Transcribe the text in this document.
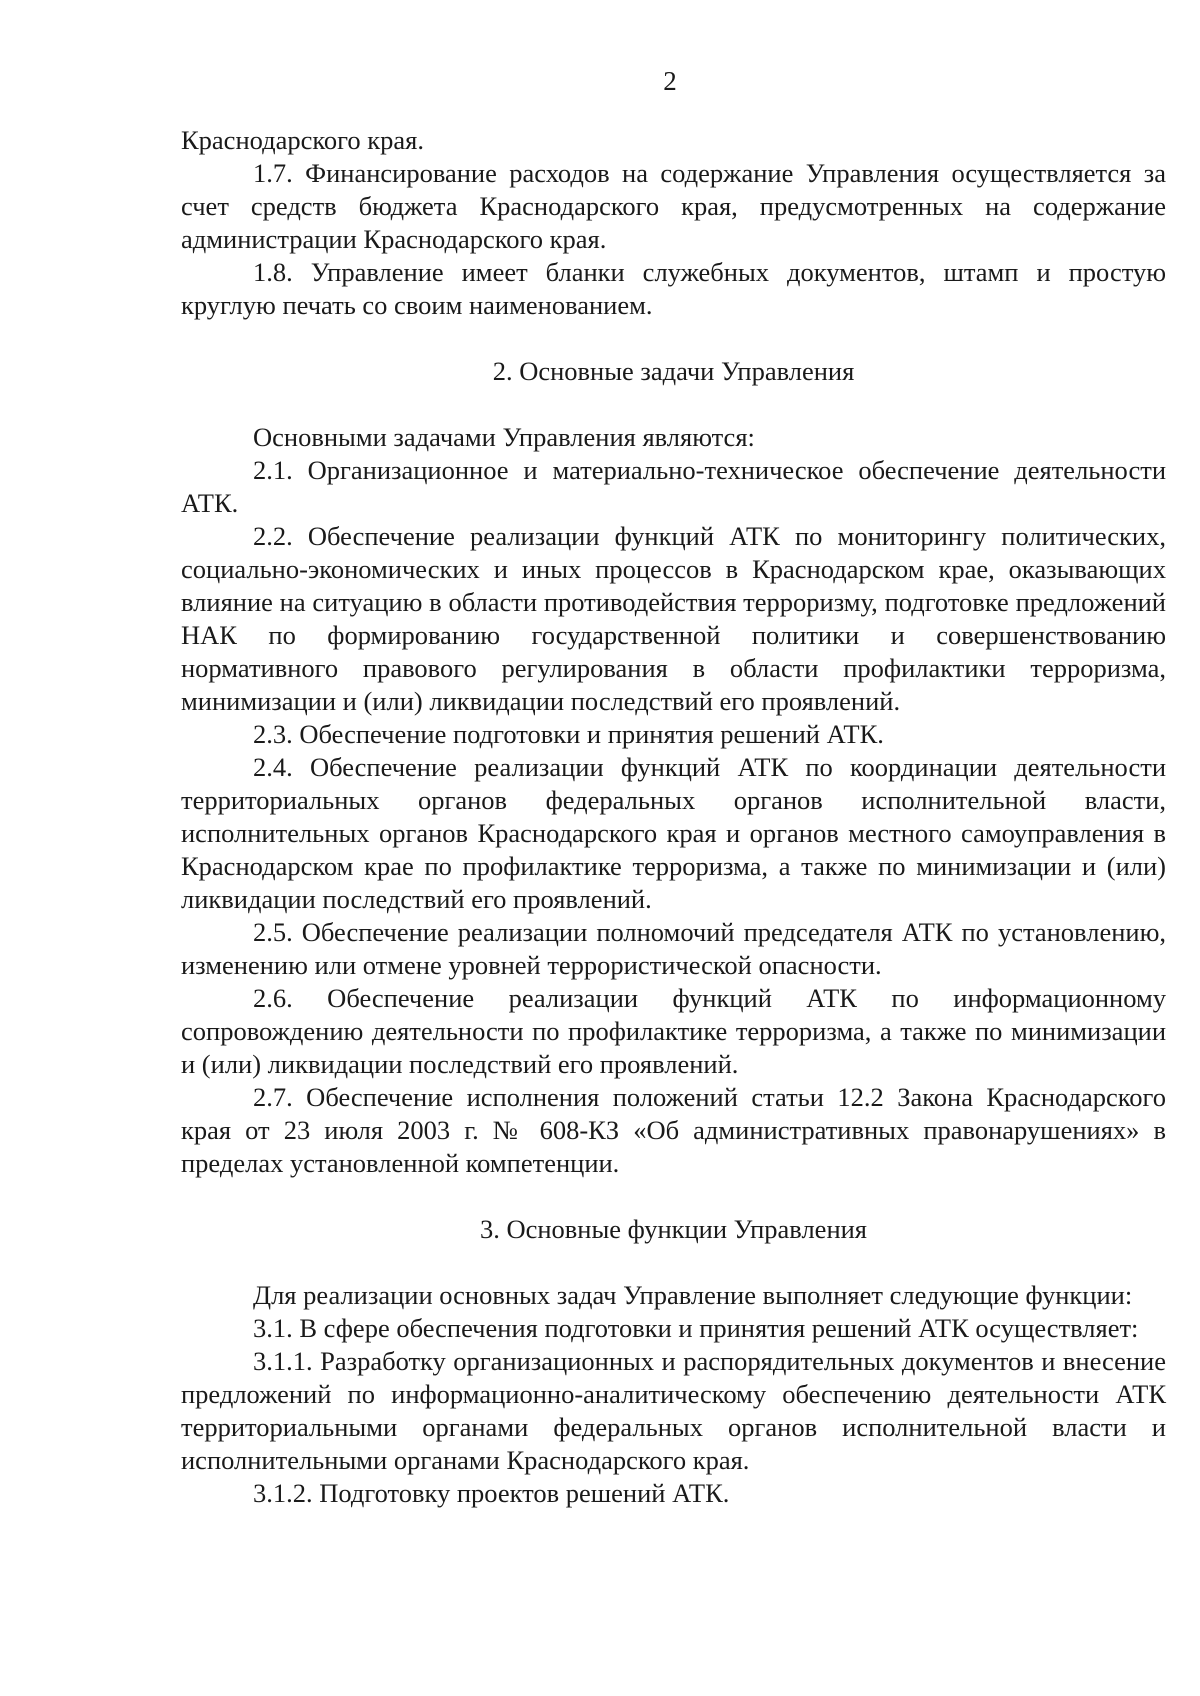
2

Краснодарского края.

1.7. Финансирование расходов на содержание Управления осуществляется за счет средств бюджета Краснодарского края, предусмотренных на содержание администрации Краснодарского края.

1.8. Управление имеет бланки служебных документов, штамп и простую круглую печать со своим наименованием.

2. Основные задачи Управления

Основными задачами Управления являются:

2.1. Организационное и материально-техническое обеспечение деятельности АТК.

2.2. Обеспечение реализации функций АТК по мониторингу политических, социально-экономических и иных процессов в Краснодарском крае, оказывающих влияние на ситуацию в области противодействия терроризму, подготовке предложений НАК по формированию государственной политики и совершенствованию нормативного правового регулирования в области профилактики терроризма, минимизации и (или) ликвидации последствий его проявлений.

2.3. Обеспечение подготовки и принятия решений АТК.

2.4. Обеспечение реализации функций АТК по координации деятельности территориальных органов федеральных органов исполнительной власти, исполнительных органов Краснодарского края и органов местного самоуправления в Краснодарском крае по профилактике терроризма, а также по минимизации и (или) ликвидации последствий его проявлений.

2.5. Обеспечение реализации полномочий председателя АТК по установлению, изменению или отмене уровней террористической опасности.

2.6. Обеспечение реализации функций АТК по информационному сопровождению деятельности по профилактике терроризма, а также по минимизации и (или) ликвидации последствий его проявлений.

2.7. Обеспечение исполнения положений статьи 12.2 Закона Краснодарского края от 23 июля 2003 г. № 608-КЗ «Об административных правонарушениях» в пределах установленной компетенции.

3. Основные функции Управления

Для реализации основных задач Управление выполняет следующие функции:

3.1. В сфере обеспечения подготовки и принятия решений АТК осуществляет:

3.1.1. Разработку организационных и распорядительных документов и внесение предложений по информационно-аналитическому обеспечению деятельности АТК территориальными органами федеральных органов исполнительной власти и исполнительными органами Краснодарского края.

3.1.2. Подготовку проектов решений АТК.
